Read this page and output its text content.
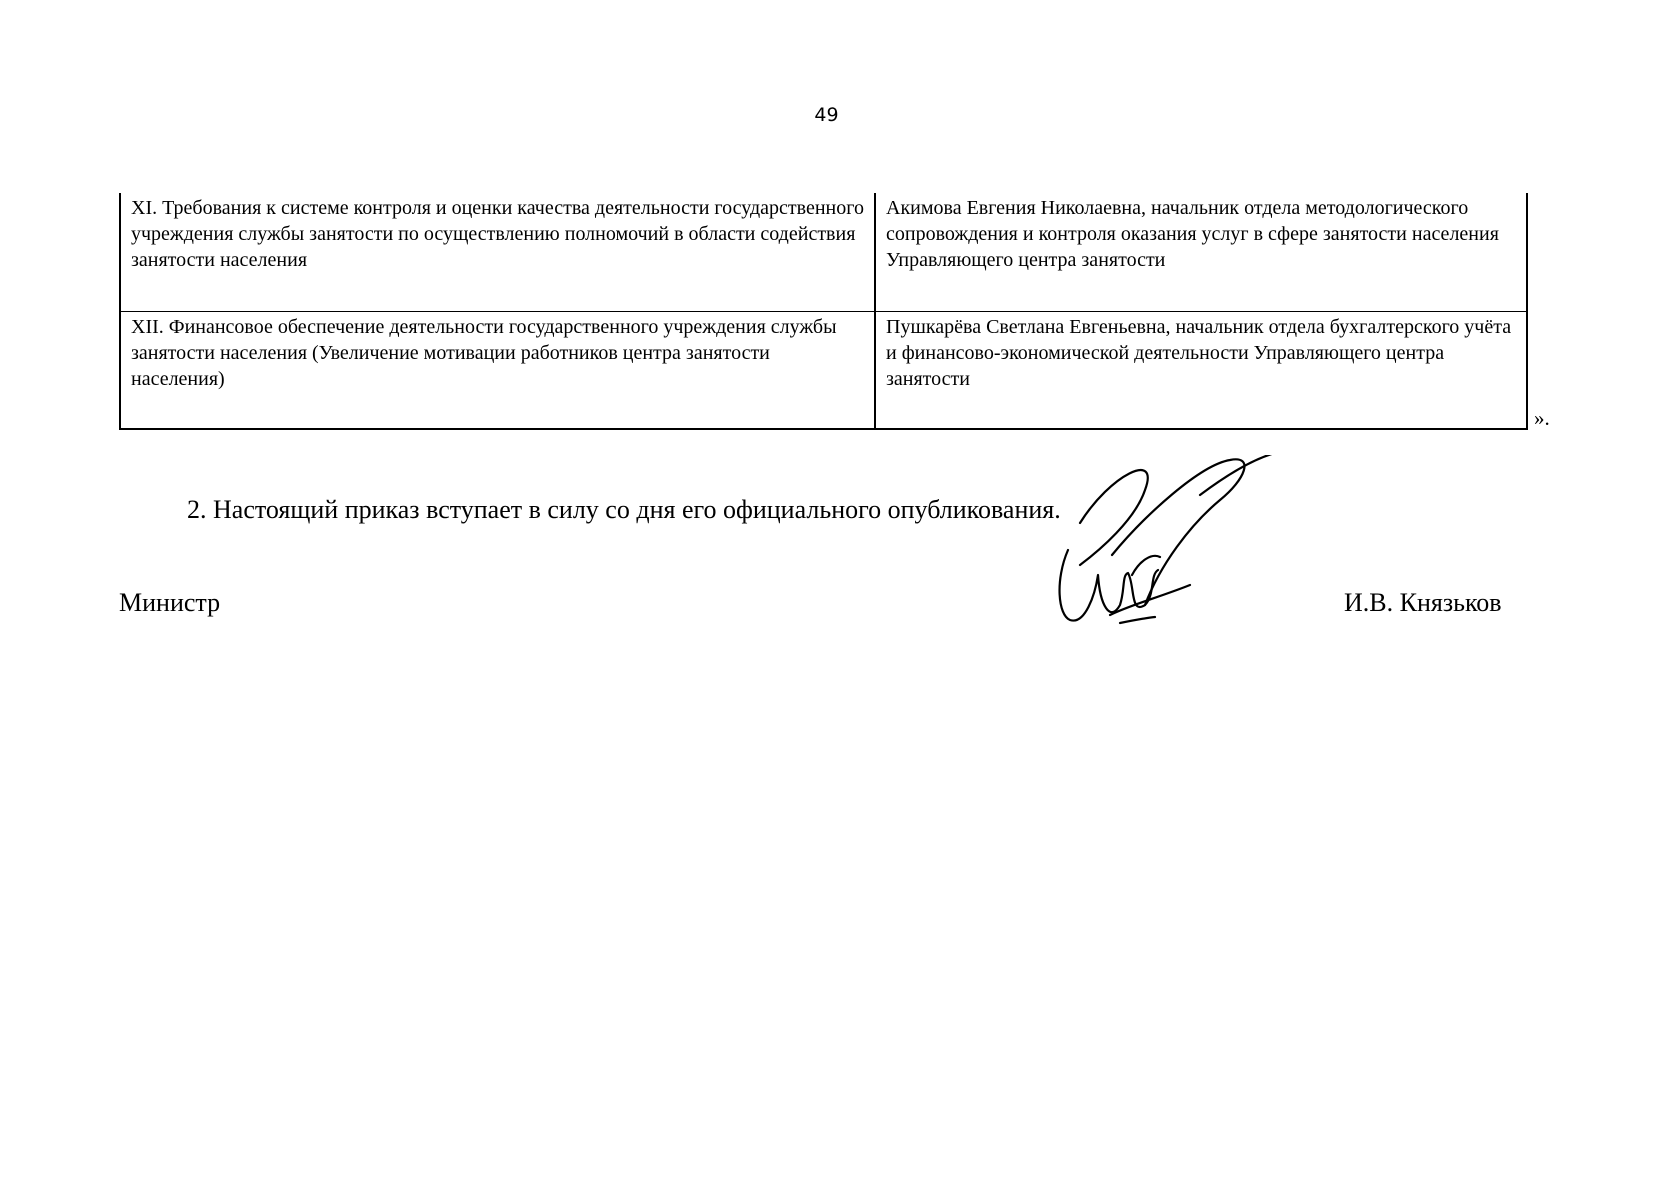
49
XI. Требования к системе контроля и оценки качества деятельности государственного учреждения службы занятости по осуществлению полномочий в области содействия занятости населения	Акимова Евгения Николаевна, начальник отдела методологического сопровождения и контроля оказания услуг в сфере занятости населения Управляющего центра занятости
XII. Финансовое обеспечение деятельности государственного учреждения службы занятости населения (Увеличение мотивации работников центра занятости населения)	Пушкарёва Светлана Евгеньевна, начальник отдела бухгалтерского учёта и финансово-экономической деятельности Управляющего центра занятости
».
2. Настоящий приказ вступает в силу со дня его официального опубликования.
Министр	И.В. Князьков
